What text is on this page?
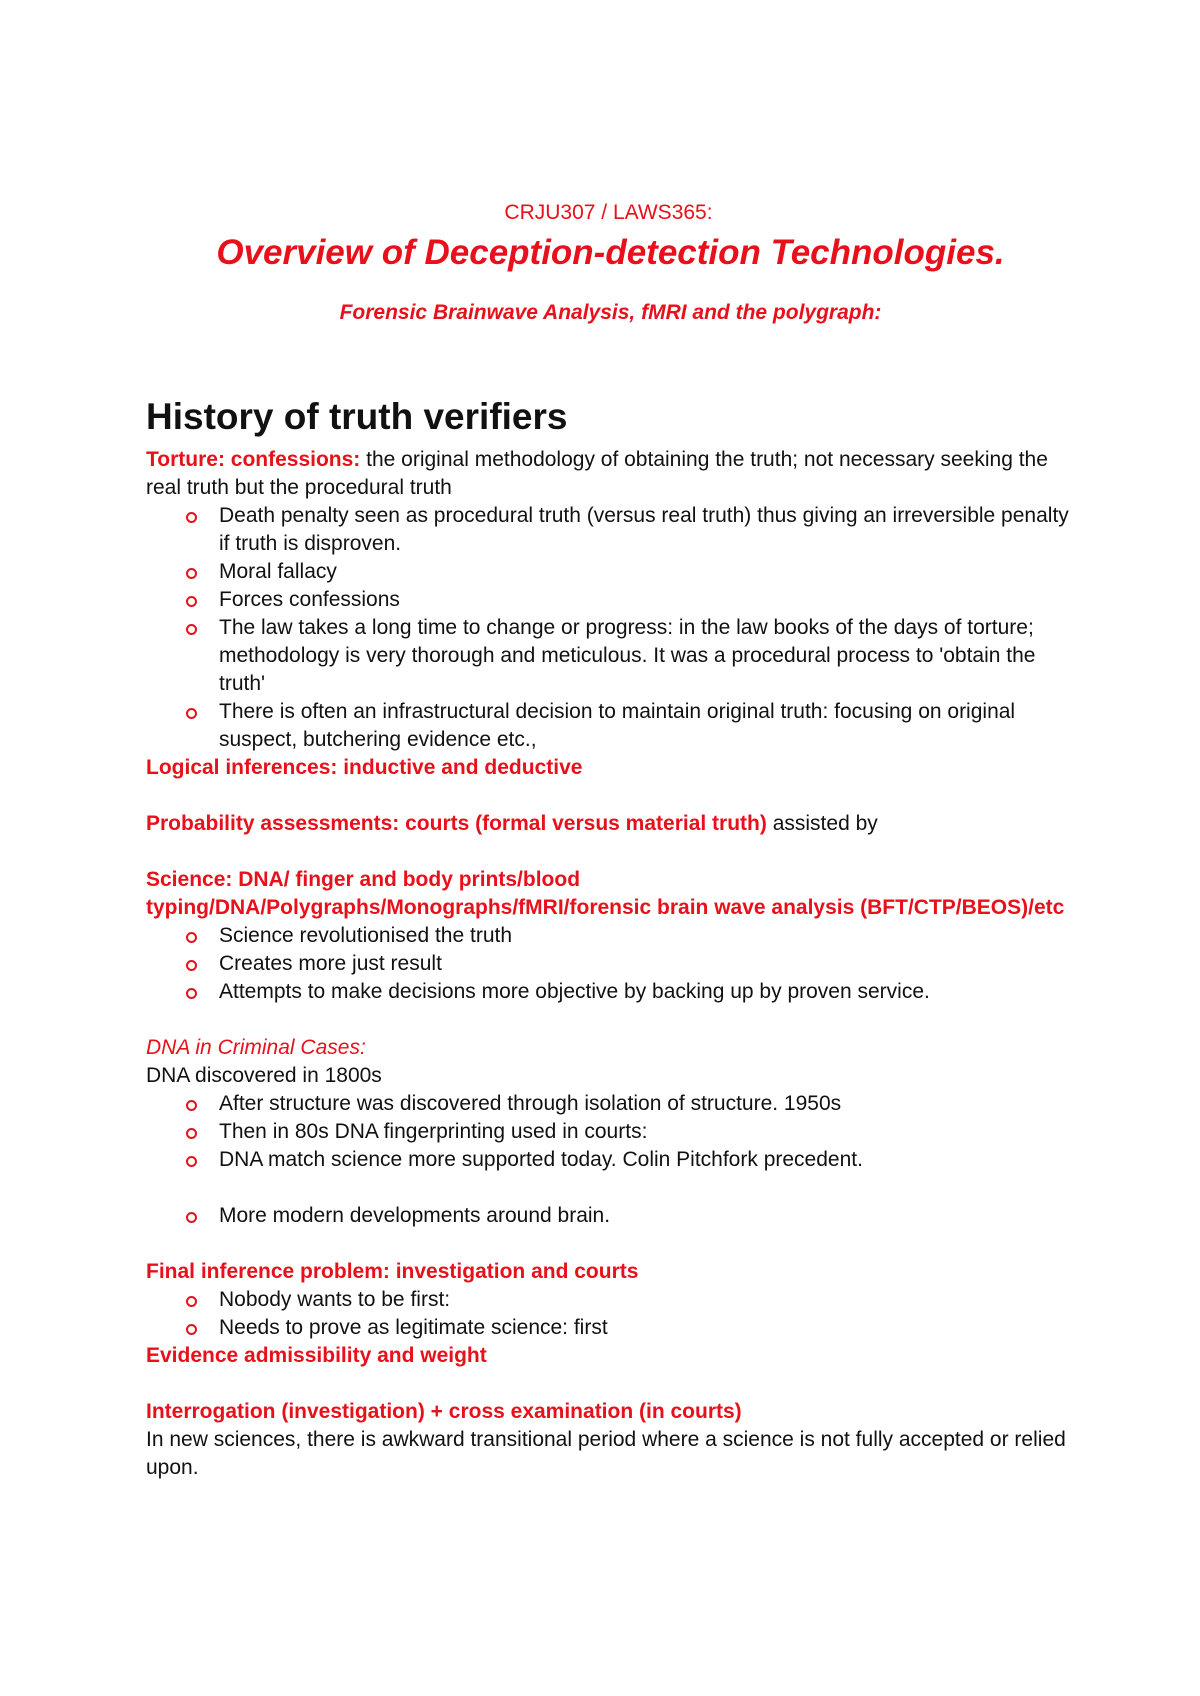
CRJU307 / LAWS365:

Overview of Deception-detection Technologies.

Forensic Brainwave Analysis, fMRI and the polygraph:

History of truth verifiers

Torture: confessions: the original methodology of obtaining the truth; not necessary seeking the real truth but the procedural truth

Death penalty seen as procedural truth (versus real truth) thus giving an irreversible penalty if truth is disproven.
Moral fallacy
Forces confessions
The law takes a long time to change or progress: in the law books of the days of torture; methodology is very thorough and meticulous. It was a procedural process to 'obtain the truth'
There is often an infrastructural decision to maintain original truth: focusing on original suspect, butchering evidence etc.,

Logical inferences: inductive and deductive

Probability assessments: courts (formal versus material truth) assisted by

Science: DNA/ finger and body prints/blood typing/DNA/Polygraphs/Monographs/fMRI/forensic brain wave analysis (BFT/CTP/BEOS)/etc

Science revolutionised the truth
Creates more just result
Attempts to make decisions more objective by backing up by proven service.

DNA in Criminal Cases:

DNA discovered in 1800s

After structure was discovered through isolation of structure. 1950s
Then in 80s DNA fingerprinting used in courts:
DNA match science more supported today. Colin Pitchfork precedent.
More modern developments around brain.

Final inference problem: investigation and courts

Nobody wants to be first:
Needs to prove as legitimate science: first

Evidence admissibility and weight

Interrogation (investigation) + cross examination (in courts)

In new sciences, there is awkward transitional period where a science is not fully accepted or relied upon.
